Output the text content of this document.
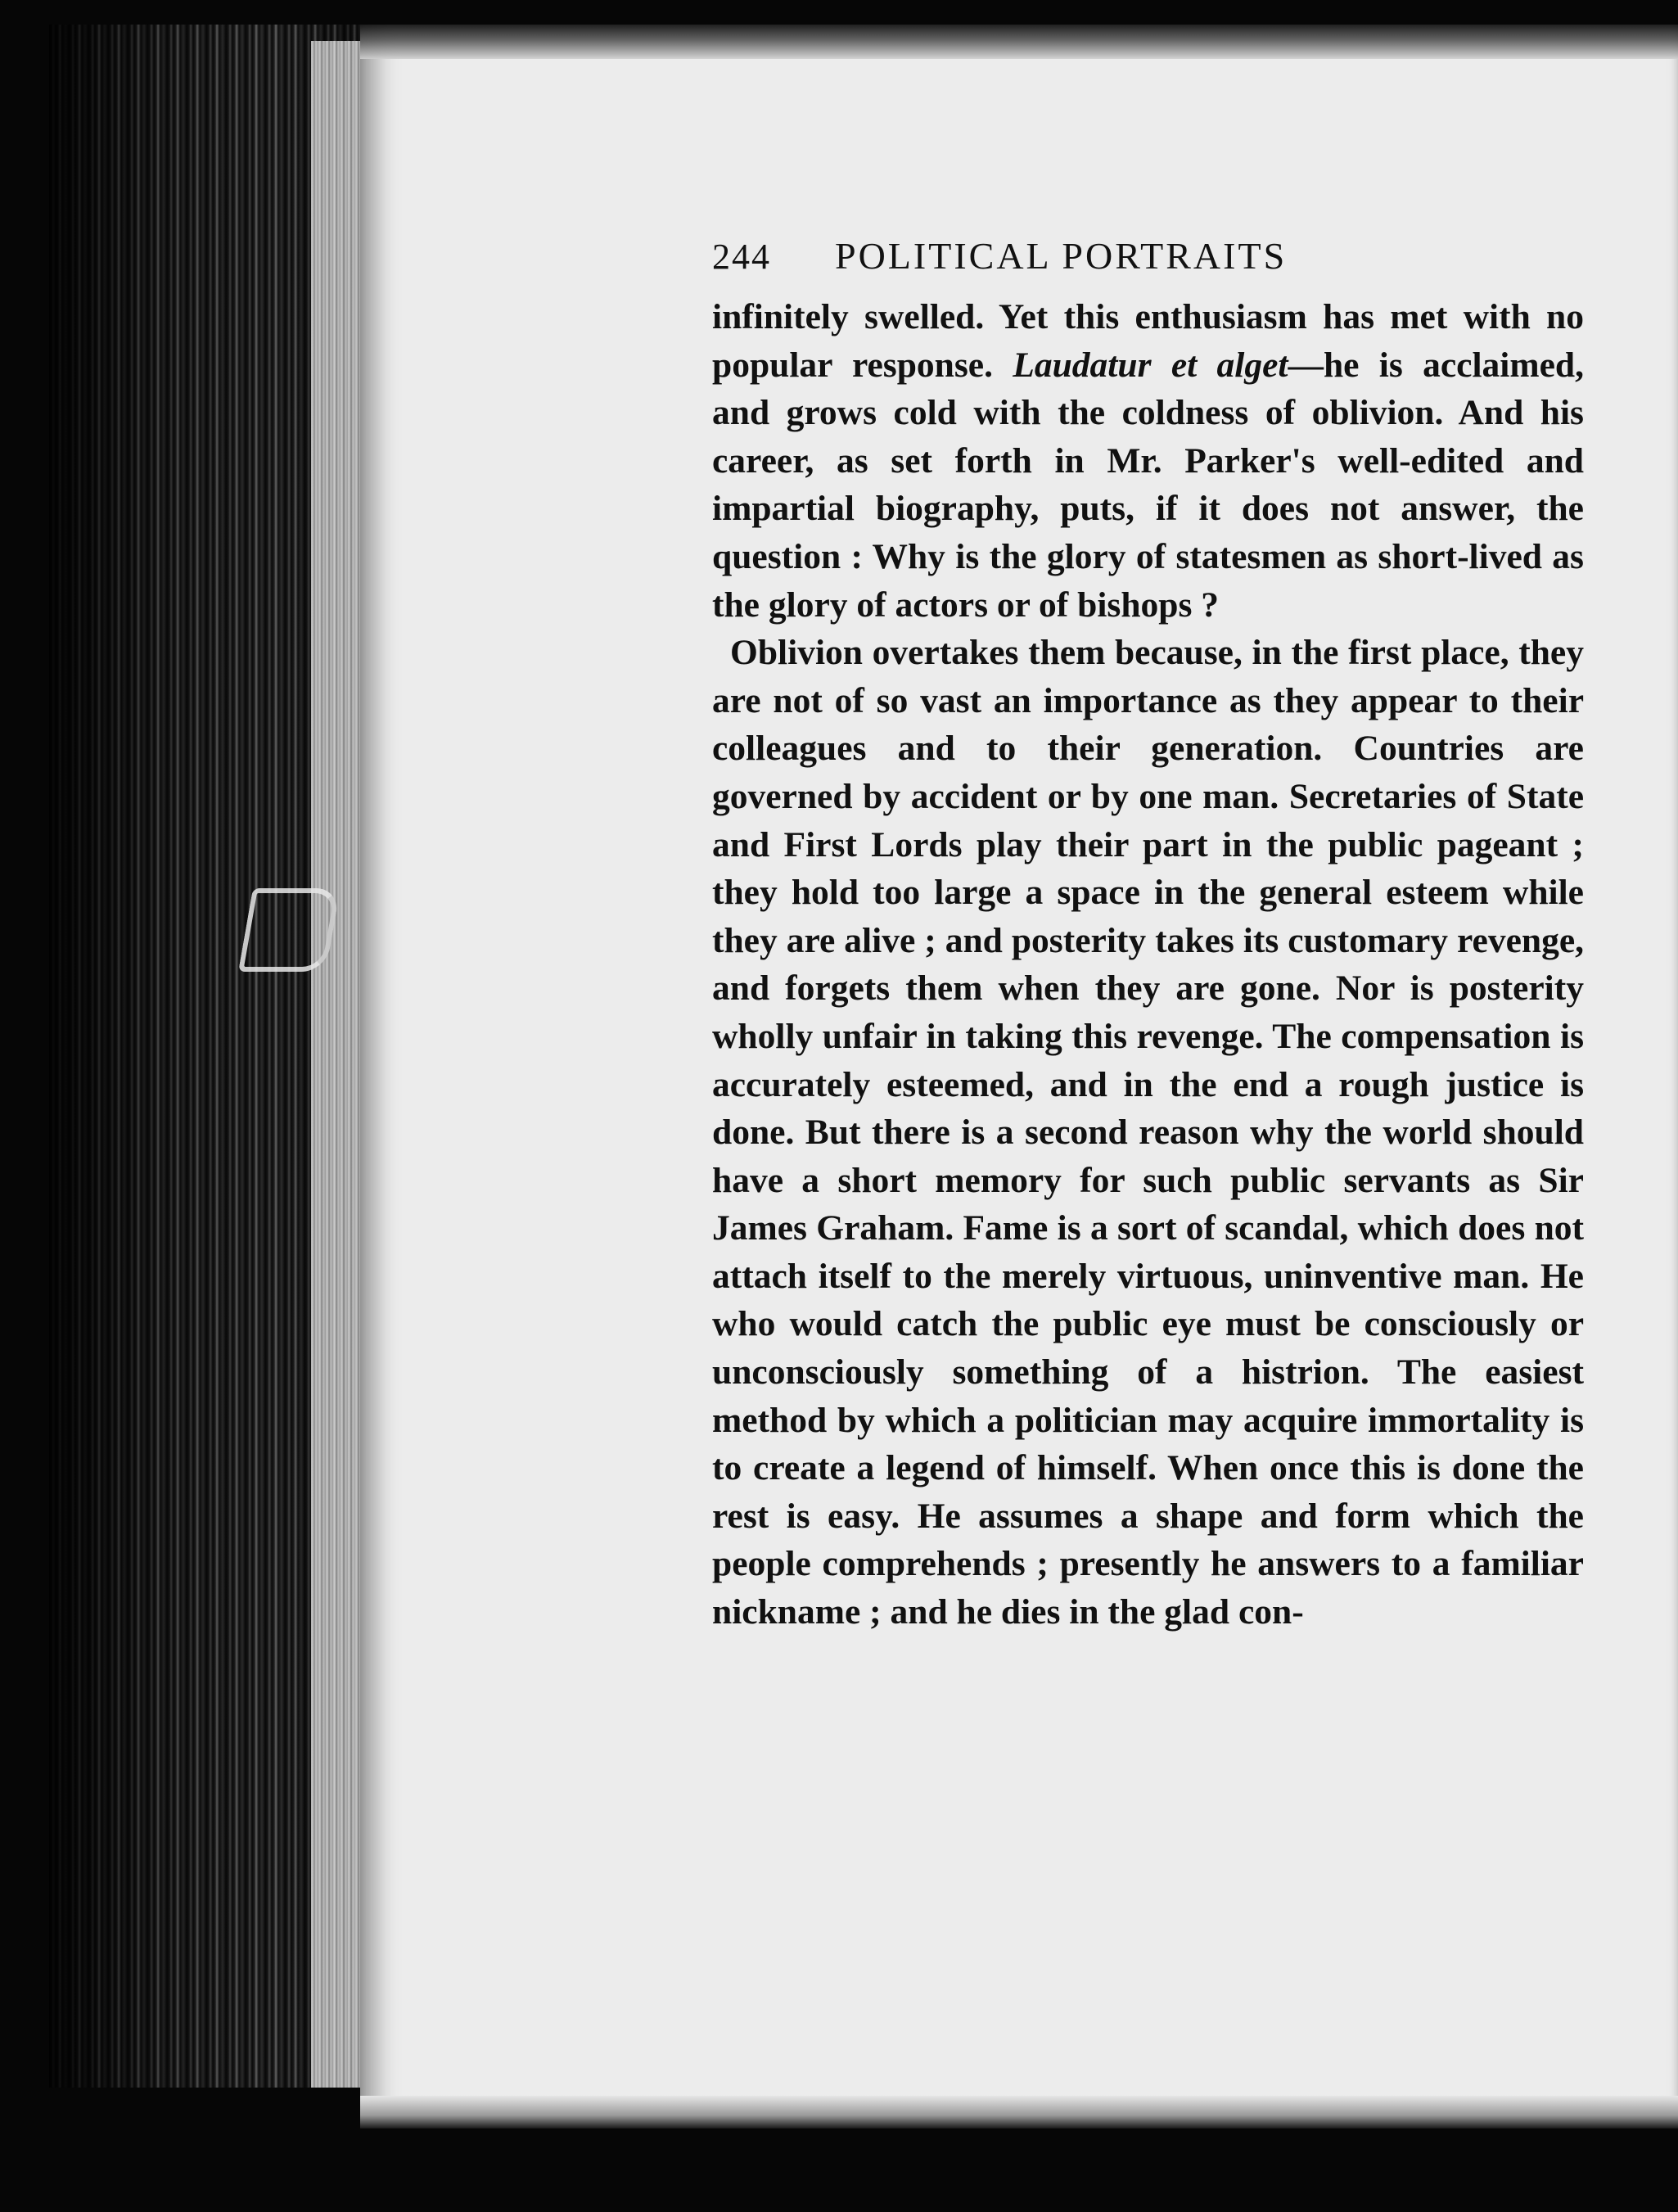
244	POLITICAL PORTRAITS

infinitely swelled. Yet this enthusiasm has met with no popular response. Laudatur et alget—he is acclaimed, and grows cold with the coldness of oblivion. And his career, as set forth in Mr. Parker's well-edited and impartial biography, puts, if it does not answer, the question : Why is the glory of statesmen as short-lived as the glory of actors or of bishops ?

Oblivion overtakes them because, in the first place, they are not of so vast an importance as they appear to their colleagues and to their generation. Countries are governed by accident or by one man. Secretaries of State and First Lords play their part in the public pageant ; they hold too large a space in the general esteem while they are alive ; and posterity takes its customary revenge, and forgets them when they are gone. Nor is posterity wholly unfair in taking this revenge. The compensation is accurately esteemed, and in the end a rough justice is done. But there is a second reason why the world should have a short memory for such public servants as Sir James Graham. Fame is a sort of scandal, which does not attach itself to the merely virtuous, uninventive man. He who would catch the public eye must be consciously or unconsciously something of a histrion. The easiest method by which a politician may acquire immortality is to create a legend of himself. When once this is done the rest is easy. He assumes a shape and form which the people comprehends ; presently he answers to a familiar nickname ; and he dies in the glad con-
